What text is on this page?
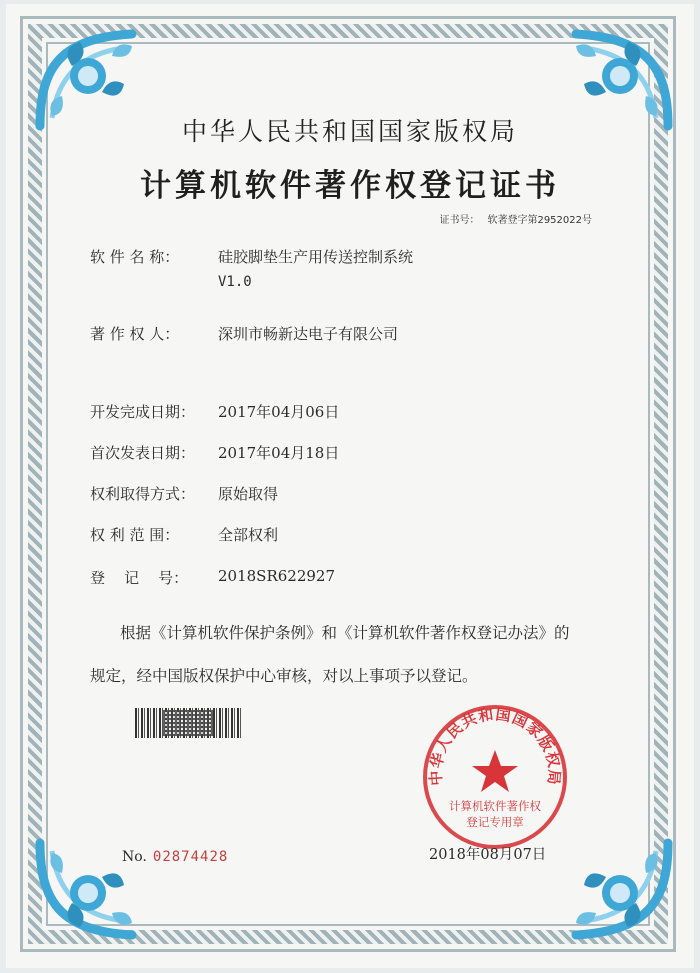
中华人民共和国国家版权局
计算机软件著作权登记证书
证书号： 软著登字第2952022号
软 件 名 称：	硅胶脚垫生产用传送控制系统
V1.0
著 作 权 人：	深圳市畅新达电子有限公司
开发完成日期：	2017年04月06日
首次发表日期：	2017年04月18日
权利取得方式：	原始取得
权 利 范 围：	全部权利
登    记    号：	2018SR622927
根据《计算机软件保护条例》和《计算机软件著作权登记办法》的
规定，经中国版权保护中心审核，对以上事项予以登记。
中华人民共和国国家版权局
计算机软件著作权
登记专用章
2018年08月07日
No. 02874428
